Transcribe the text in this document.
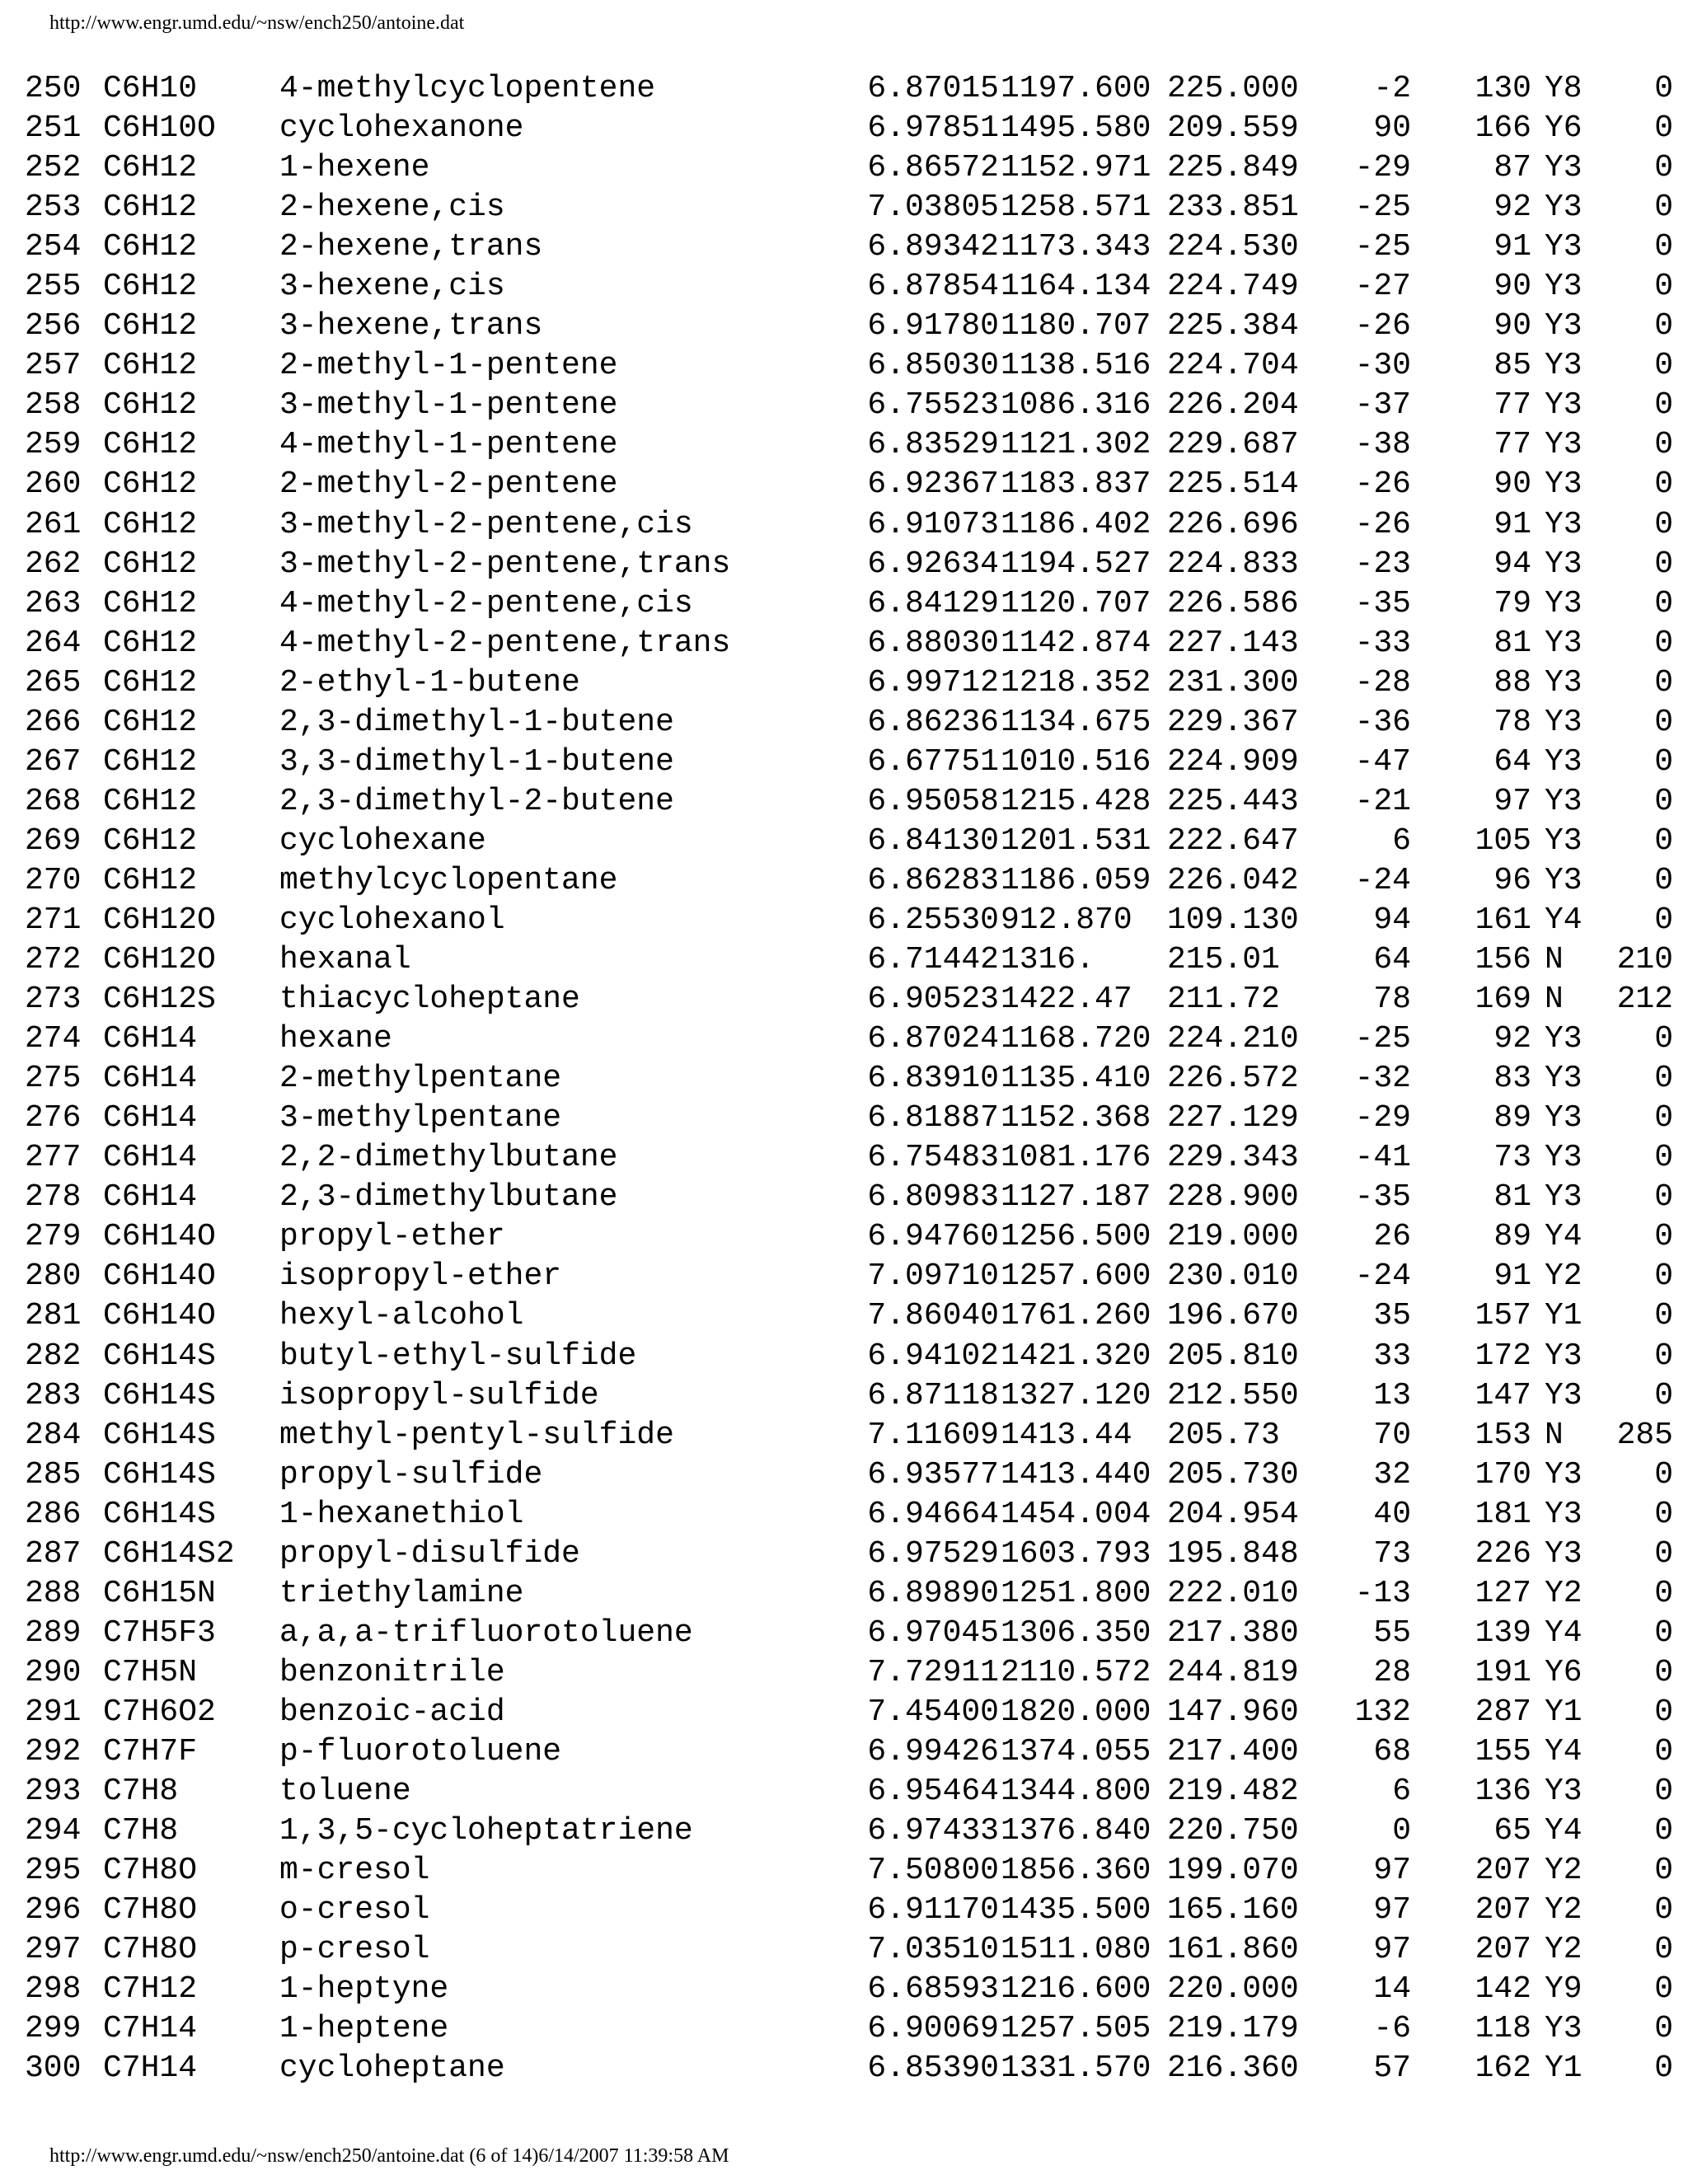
http://www.engr.umd.edu/~nsw/ench250/antoine.dat
250 C6H10	4-methylcyclopentene	6.87015 1197.600 225.000	-2	130 Y8	0
251 C6H10O cyclohexanone	6.97851 1495.580 209.559	90	166 Y6	0
252 C6H12	1-hexene	6.86572 1152.971 225.849	-29	87 Y3	0
253 C6H12	2-hexene,cis	7.03805 1258.571 233.851	-25	92 Y3	0
254 C6H12	2-hexene,trans	6.89342 1173.343 224.530	-25	91 Y3	0
255 C6H12	3-hexene,cis	6.87854 1164.134 224.749	-27	90 Y3	0
256 C6H12	3-hexene,trans	6.91780 1180.707 225.384	-26	90 Y3	0
257 C6H12	2-methyl-1-pentene	6.85030 1138.516 224.704	-30	85 Y3	0
258 C6H12	3-methyl-1-pentene	6.75523 1086.316 226.204	-37	77 Y3	0
259 C6H12	4-methyl-1-pentene	6.83529 1121.302 229.687	-38	77 Y3	0
260 C6H12	2-methyl-2-pentene	6.92367 1183.837 225.514	-26	90 Y3	0
261 C6H12	3-methyl-2-pentene,cis	6.91073 1186.402 226.696	-26	91 Y3	0
262 C6H12	3-methyl-2-pentene,trans	6.92634 1194.527 224.833	-23	94 Y3	0
263 C6H12	4-methyl-2-pentene,cis	6.84129 1120.707 226.586	-35	79 Y3	0
264 C6H12	4-methyl-2-pentene,trans	6.88030 1142.874 227.143	-33	81 Y3	0
265 C6H12	2-ethyl-1-butene	6.99712 1218.352 231.300	-28	88 Y3	0
266 C6H12	2,3-dimethyl-1-butene	6.86236 1134.675 229.367	-36	78 Y3	0
267 C6H12	3,3-dimethyl-1-butene	6.67751 1010.516 224.909	-47	64 Y3	0
268 C6H12	2,3-dimethyl-2-butene	6.95058 1215.428 225.443	-21	97 Y3	0
269 C6H12	cyclohexane	6.84130 1201.531 222.647	6	105 Y3	0
270 C6H12	methylcyclopentane	6.86283 1186.059 226.042	-24	96 Y3	0
271 C6H12O cyclohexanol	6.25530 912.870	109.130	94	161 Y4	0
272 C6H12O hexanal	6.71442 1316.	215.01	64	156 N	210
273 C6H12S thiacycloheptane	6.90523 1422.47	211.72	78	169 N	212
274 C6H14	hexane	6.87024 1168.720 224.210	-25	92 Y3	0
275 C6H14	2-methylpentane	6.83910 1135.410 226.572	-32	83 Y3	0
276 C6H14	3-methylpentane	6.81887 1152.368 227.129	-29	89 Y3	0
277 C6H14	2,2-dimethylbutane	6.75483 1081.176 229.343	-41	73 Y3	0
278 C6H14	2,3-dimethylbutane	6.80983 1127.187 228.900	-35	81 Y3	0
279 C6H14O propyl-ether	6.94760 1256.500 219.000	26	89 Y4	0
280 C6H14O isopropyl-ether	7.09710 1257.600 230.010	-24	91 Y2	0
281 C6H14O hexyl-alcohol	7.86040 1761.260 196.670	35	157 Y1	0
282 C6H14S butyl-ethyl-sulfide	6.94102 1421.320 205.810	33	172 Y3	0
283 C6H14S isopropyl-sulfide	6.87118 1327.120 212.550	13	147 Y3	0
284 C6H14S methyl-pentyl-sulfide	7.11609 1413.44	205.73	70	153 N	285
285 C6H14S propyl-sulfide	6.93577 1413.440 205.730	32	170 Y3	0
286 C6H14S 1-hexanethiol	6.94664 1454.004 204.954	40	181 Y3	0
287 C6H14S2 propyl-disulfide	6.97529 1603.793 195.848	73	226 Y3	0
288 C6H15N triethylamine	6.89890 1251.800 222.010	-13	127 Y2	0
289 C7H5F3 a,a,a-trifluorotoluene	6.97045 1306.350 217.380	55	139 Y4	0
290 C7H5N	benzonitrile	7.72911 2110.572 244.819	28	191 Y6	0
291 C7H6O2 benzoic-acid	7.45400 1820.000 147.960	132	287 Y1	0
292 C7H7F	p-fluorotoluene	6.99426 1374.055 217.400	68	155 Y4	0
293 C7H8	toluene	6.95464 1344.800 219.482	6	136 Y3	0
294 C7H8	1,3,5-cycloheptatriene	6.97433 1376.840 220.750	0	65 Y4	0
295 C7H8O	m-cresol	7.50800 1856.360 199.070	97	207 Y2	0
296 C7H8O	o-cresol	6.91170 1435.500 165.160	97	207 Y2	0
297 C7H8O	p-cresol	7.03510 1511.080 161.860	97	207 Y2	0
298 C7H12	1-heptyne	6.68593 1216.600 220.000	14	142 Y9	0
299 C7H14	1-heptene	6.90069 1257.505 219.179	-6	118 Y3	0
300 C7H14	cycloheptane	6.85390 1331.570 216.360	57	162 Y1	0
http://www.engr.umd.edu/~nsw/ench250/antoine.dat (6 of 14)6/14/2007 11:39:58 AM
